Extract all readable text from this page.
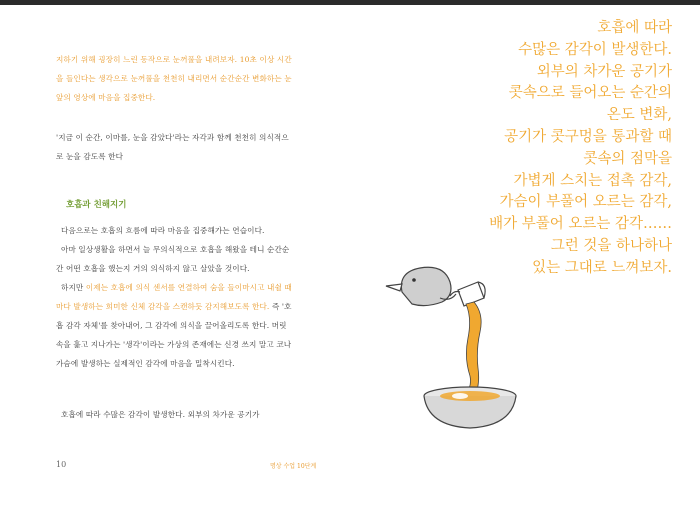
지하기 위해 굉장히 느린 동작으로 눈꺼풀을 내려보자. 10초 이상 시간을 들인다는 생각으로 눈꺼풀을 천천히 내리면서 순간순간 변화하는 눈앞의 영상에 마음을 집중한다.

'지금 이 순간, 이마를, 눈을 감았다'라는 자각과 함께 천천히 의식적으로 눈을 감도록 한다

호흡과 친해지기

다음으로는 호흡의 흐름에 따라 마음을 집중해가는 연습이다.

아마 일상생활을 하면서 늘 무의식적으로 호흡을 해왔을 테니 순간순간 어떤 호흡을 했는지 거의 의식하지 않고 살았을 것이다.

하지만 이제는 호흡에 의식 센서를 연결하여 숨을 들이마시고 내쉴 때마다 발생하는 희미한 신체 감각을 스캔하듯 감지해보도록 한다. 즉 '호흡 감각 자체'를 찾아내어, 그 감각에 의식을 끌어올리도록 한다. 머릿속을 훑고 지나가는 '생각'이라는 가상의 존재에는 신경 쓰지 말고 코나 가슴에 발생하는 실제적인 감각에 마음을 밀착시킨다.

호흡에 따라 수많은 감각이 발생한다. 외부의 차가운 공기가

10	명상 수업 10단계
호흡에 따라
수많은 감각이 발생한다.
외부의 차가운 공기가
콧속으로 들어오는 순간의
온도 변화,
공기가 콧구멍을 통과할 때
콧속의 점막을
가볍게 스치는 접촉 감각,
가슴이 부풀어 오르는 감각,
배가 부풀어 오르는 감각……
그런 것을 하나하나
있는 그대로 느껴보자.
